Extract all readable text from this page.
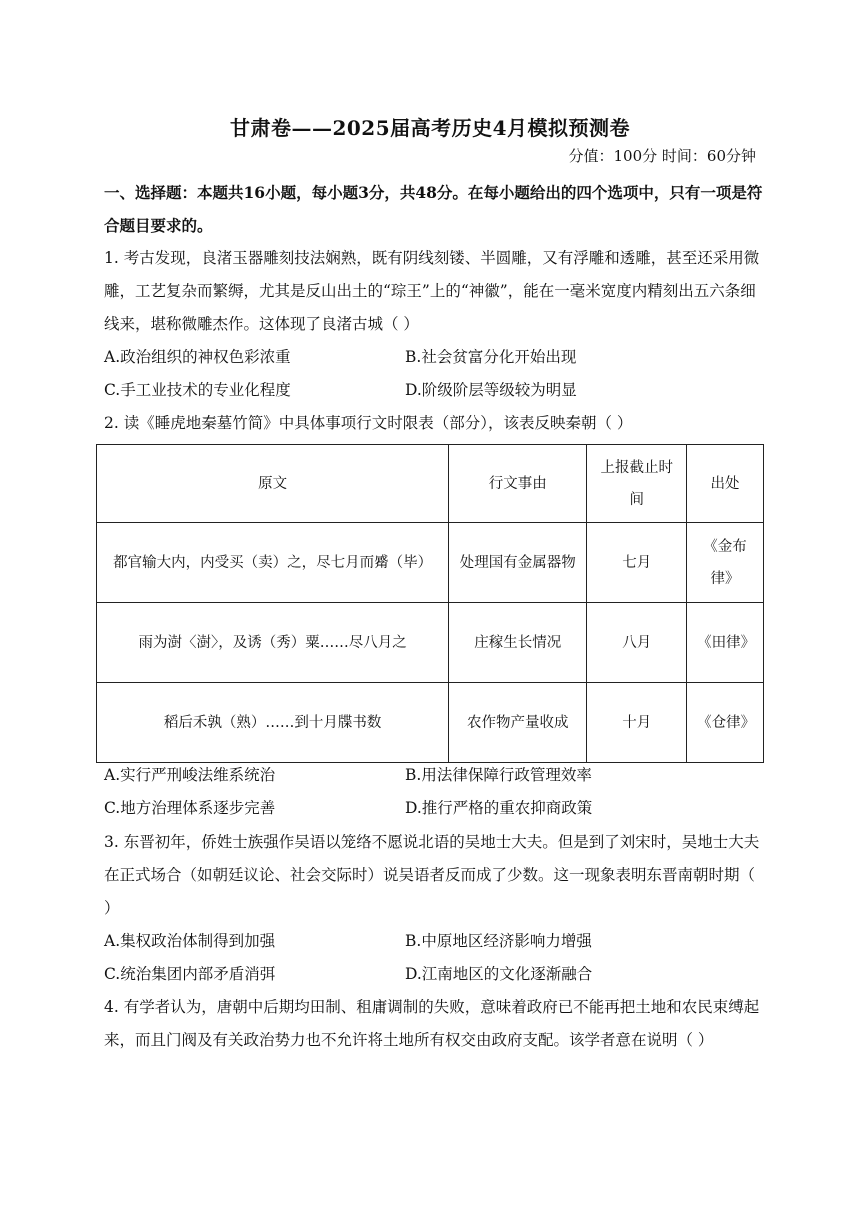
甘肃卷——2025届高考历史4月模拟预测卷
分值：100分 时间：60分钟
一、选择题：本题共16小题，每小题3分，共48分。在每小题给出的四个选项中，只有一项是符合题目要求的。
1. 考古发现，良渚玉器雕刻技法娴熟，既有阴线刻镂、半圆雕，又有浮雕和透雕，甚至还采用微雕，工艺复杂而繁缛，尤其是反山出土的“琮王”上的“神徽”，能在一毫米宽度内精刻出五六条细线来，堪称微雕杰作。这体现了良渚古城（ ）
A.政治组织的神权色彩浓重	B.社会贫富分化开始出现
C.手工业技术的专业化程度	D.阶级阶层等级较为明显
2. 读《睡虎地秦墓竹简》中具体事项行文时限表（部分），该表反映秦朝（ ）
原文	行文事由	上报截止时间	出处
都官输大内，内受买（卖）之，尽七月而觱（毕）	处理国有金属器物	七月	《金布律》
雨为澍〈澍〉，及诱（秀）粟……尽八月之	庄稼生长情况	八月	《田律》
稻后禾孰（熟）……到十月牒书数	农作物产量收成	十月	《仓律》
A.实行严刑峻法维系统治	B.用法律保障行政管理效率
C.地方治理体系逐步完善	D.推行严格的重农抑商政策
3. 东晋初年，侨姓士族强作吴语以笼络不愿说北语的吴地士大夫。但是到了刘宋时，吴地士大夫在正式场合（如朝廷议论、社会交际时）说吴语者反而成了少数。这一现象表明东晋南朝时期（ ）
A.集权政治体制得到加强	B.中原地区经济影响力增强
C.统治集团内部矛盾消弭	D.江南地区的文化逐渐融合
4. 有学者认为，唐朝中后期均田制、租庸调制的失败，意味着政府已不能再把土地和农民束缚起来，而且门阀及有关政治势力也不允许将土地所有权交由政府支配。该学者意在说明（ ）
